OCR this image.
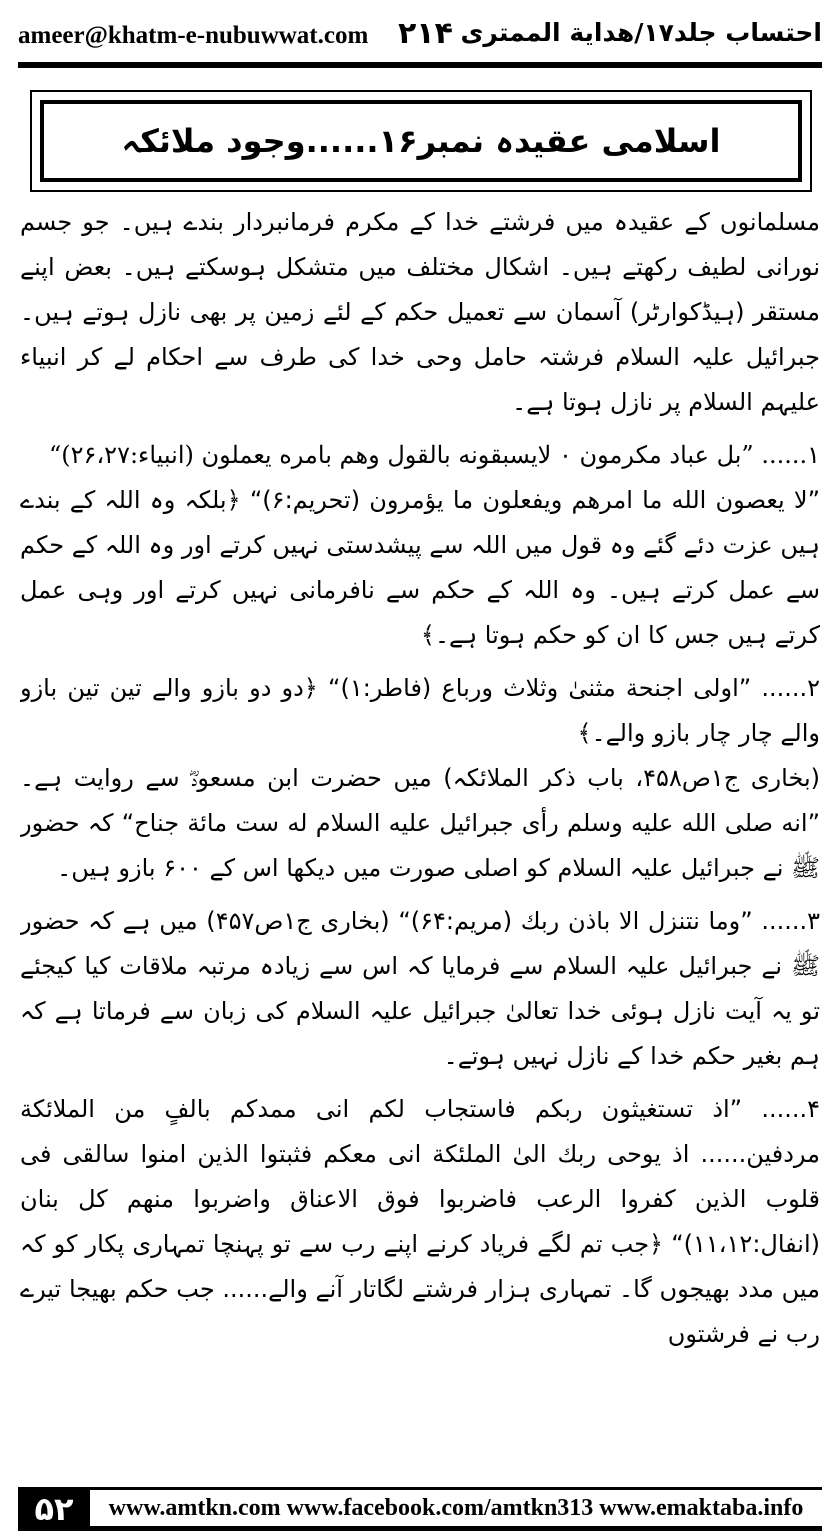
ameer@khatm-e-nubuwwat.com ۲۱۴ احتساب جلد۱۷/هداية الممترى
اسلامی عقیدہ نمبر۱۶......وجود ملائکہ

مسلمانوں کے عقیدہ میں فرشتے خدا کے مکرم فرمانبردار بندے ہیں۔ جو جسم نورانی لطیف رکھتے ہیں۔ اشکال مختلف میں متشکل ہوسکتے ہیں۔ بعض اپنے مستقر (ہیڈکوارٹر) آسمان سے تعمیل حکم کے لئے زمین پر بھی نازل ہوتے ہیں۔ جبرائیل علیہ السلام فرشتہ حامل وحی خدا کی طرف سے احکام لے کر انبیاء علیہم السلام پر نازل ہوتا ہے۔

۱...... ”بل عباد مکرمون ۰ لایسبقونه بالقول وهم بامره يعملون (انبياء:۲۶،۲۷)“

”لا يعصون الله ما امرهم ويفعلون ما يؤمرون (تحريم:۶)“ ﴿بلکہ وہ اللہ کے بندے ہیں عزت دئے گئے وہ قول میں اللہ سے پیشدستی نہیں کرتے اور وہ اللہ کے حکم سے عمل کرتے ہیں۔ وہ اللہ کے حکم سے نافرمانی نہیں کرتے اور وہی عمل کرتے ہیں جس کا ان کو حکم ہوتا ہے۔﴾

۲...... ”اولى اجنحة مثنىٰ وثلاث ورباع (فاطر:۱)“ ﴿دو دو بازو والے تین تین بازو والے چار چار بازو والے۔﴾

(بخاری ج۱ص۴۵۸، باب ذکر الملائکہ) میں حضرت ابن مسعودؓ سے روایت ہے۔ ”انه صلی الله علیه وسلم رأى جبرائيل عليه السلام له ست مائة جناح“ کہ حضور ﷺ نے جبرائیل علیہ السلام کو اصلی صورت میں دیکھا اس کے ۶۰۰ بازو ہیں۔

۳...... ”وما نتنزل الا باذن ربك (مريم:۶۴)“ (بخاری ج۱ص۴۵۷) میں ہے کہ حضور ﷺ نے جبرائیل علیہ السلام سے فرمایا کہ اس سے زیادہ مرتبہ ملاقات کیا کیجئے تو یہ آیت نازل ہوئی خدا تعالیٰ جبرائیل علیہ السلام کی زبان سے فرماتا ہے کہ ہم بغیر حکم خدا کے نازل نہیں ہوتے۔

۴...... ”اذ تستغيثون ربكم فاستجاب لكم انى ممدكم بالفٍ من الملائكة مردفين...... اذ يوحى ربك الىٰ الملئكة انى معكم فثبتوا الذين امنوا سالقى فى قلوب الذين كفروا الرعب فاضربوا فوق الاعناق واضربوا منهم كل بنان (انفال:۱۱،۱۲)“ ﴿جب تم لگے فریاد کرنے اپنے رب سے تو پہنچا تمہاری پکار کو کہ میں مدد بھیجوں گا۔ تمہاری ہزار فرشتے لگاتار آنے والے...... جب حکم بھیجا تیرے رب نے فرشتوں

۵۲	www.amtkn.com www.facebook.com/amtkn313 www.emaktaba.info
